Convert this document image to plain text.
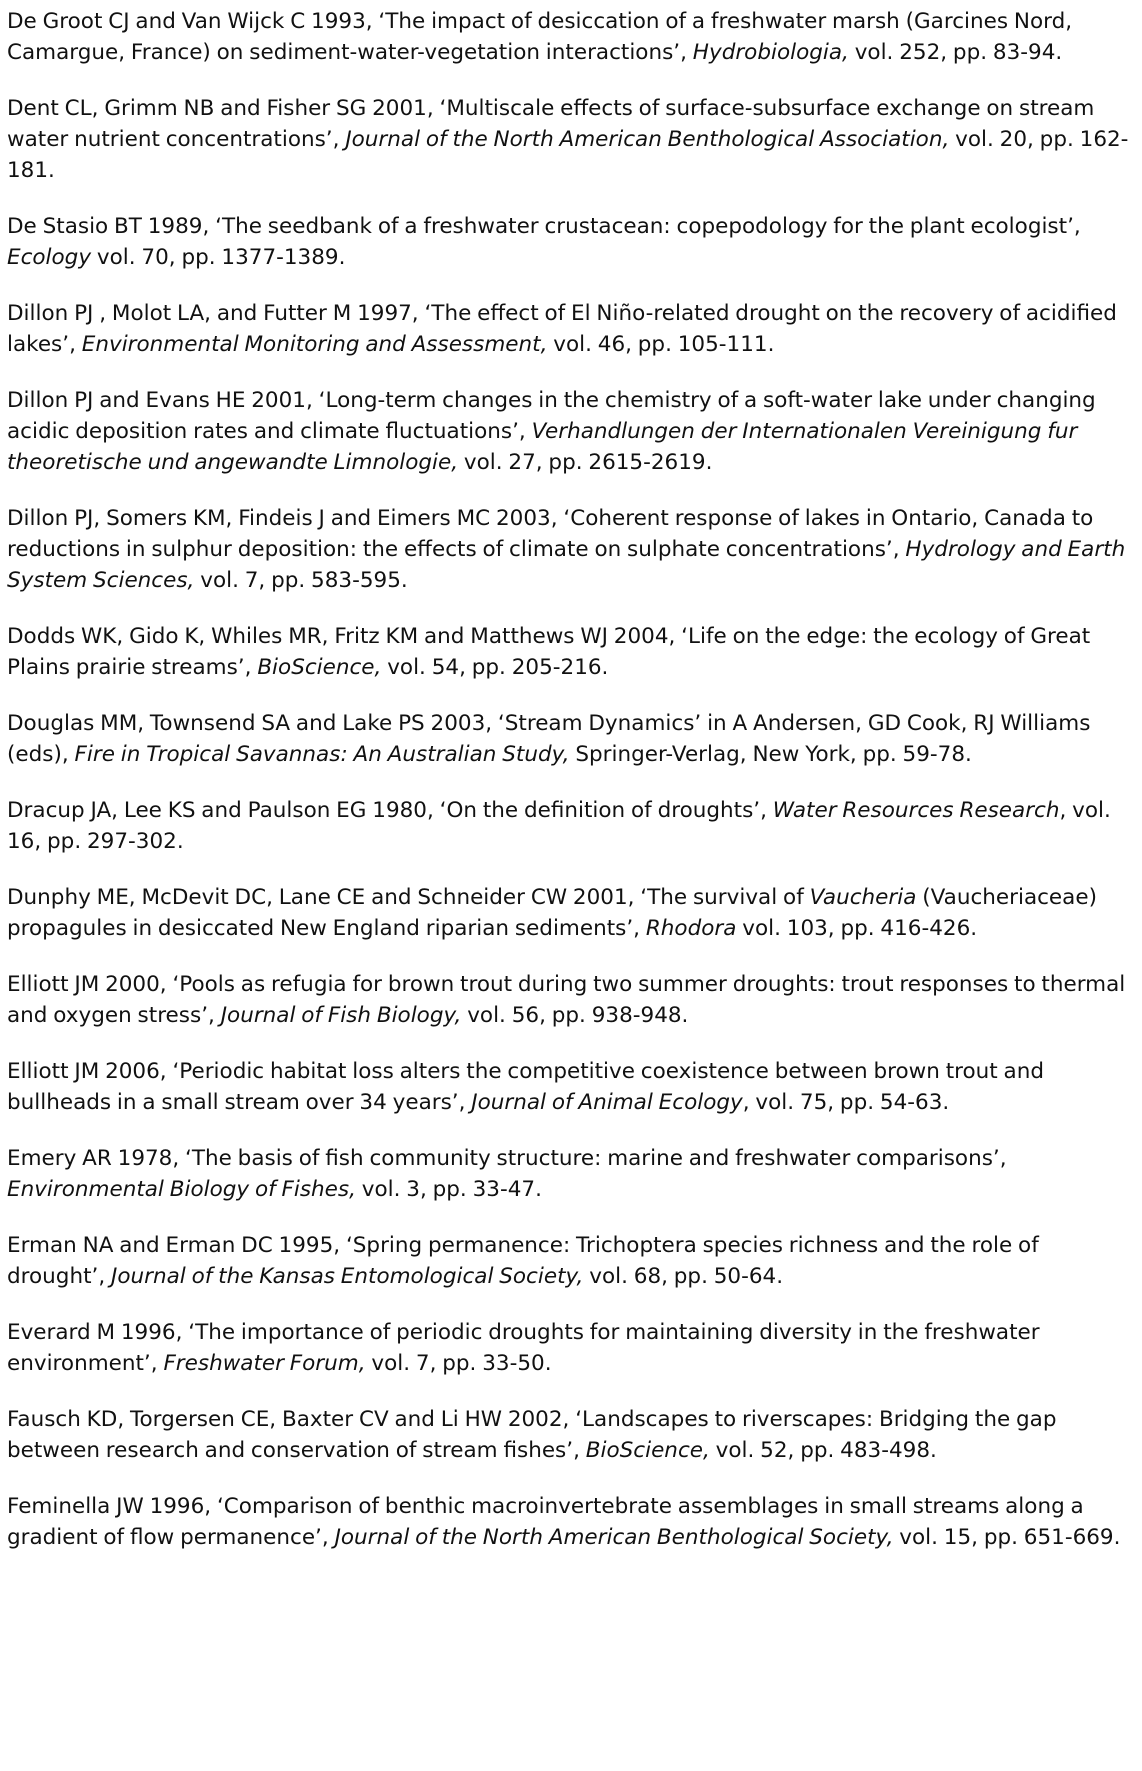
De Groot CJ and Van Wijck C 1993, ‘The impact of desiccation of a freshwater marsh (Garcines Nord, Camargue, France) on sediment-water-vegetation interactions’, Hydrobiologia, vol. 252, pp. 83-94.

Dent CL, Grimm NB and Fisher SG 2001, ‘Multiscale effects of surface-subsurface exchange on stream water nutrient concentrations’, Journal of the North American Benthological Association, vol. 20, pp. 162-181.

De Stasio BT 1989, ‘The seedbank of a freshwater crustacean: copepodology for the plant ecologist’, Ecology vol. 70, pp. 1377-1389.

Dillon PJ , Molot LA, and Futter M 1997, ‘The effect of El Niño-related drought on the recovery of acidified lakes’, Environmental Monitoring and Assessment, vol. 46, pp. 105-111.

Dillon PJ and Evans HE 2001, ‘Long-term changes in the chemistry of a soft-water lake under changing acidic deposition rates and climate fluctuations’, Verhandlungen der Internationalen Vereinigung fur theoretische und angewandte Limnologie, vol. 27, pp. 2615-2619.

Dillon PJ, Somers KM, Findeis J and Eimers MC 2003, ‘Coherent response of lakes in Ontario, Canada to reductions in sulphur deposition: the effects of climate on sulphate concentrations’, Hydrology and Earth System Sciences, vol. 7, pp. 583-595.

Dodds WK, Gido K, Whiles MR, Fritz KM and Matthews WJ 2004, ‘Life on the edge: the ecology of Great Plains prairie streams’, BioScience, vol. 54, pp. 205-216.

Douglas MM, Townsend SA and Lake PS 2003, ‘Stream Dynamics’ in A Andersen, GD Cook, RJ Williams (eds), Fire in Tropical Savannas: An Australian Study, Springer-Verlag, New York, pp. 59-78.

Dracup JA, Lee KS and Paulson EG 1980, ‘On the definition of droughts’, Water Resources Research, vol. 16, pp. 297-302.

Dunphy ME, McDevit DC, Lane CE and Schneider CW 2001, ‘The survival of Vaucheria (Vaucheriaceae) propagules in desiccated New England riparian sediments’, Rhodora vol. 103, pp. 416-426.

Elliott JM 2000, ‘Pools as refugia for brown trout during two summer droughts: trout responses to thermal and oxygen stress’, Journal of Fish Biology, vol. 56, pp. 938-948.

Elliott JM 2006, ‘Periodic habitat loss alters the competitive coexistence between brown trout and bullheads in a small stream over 34 years’, Journal of Animal Ecology, vol. 75, pp. 54-63.

Emery AR 1978, ‘The basis of fish community structure: marine and freshwater comparisons’, Environmental Biology of Fishes, vol. 3, pp. 33-47.

Erman NA and Erman DC 1995, ‘Spring permanence: Trichoptera species richness and the role of drought’, Journal of the Kansas Entomological Society, vol. 68, pp. 50-64.

Everard M 1996, ‘The importance of periodic droughts for maintaining diversity in the freshwater environment’, Freshwater Forum, vol. 7, pp. 33-50.

Fausch KD, Torgersen CE, Baxter CV and Li HW 2002, ‘Landscapes to riverscapes: Bridging the gap between research and conservation of stream fishes’, BioScience, vol. 52, pp. 483-498.

Feminella JW 1996, ‘Comparison of benthic macroinvertebrate assemblages in small streams along a gradient of flow permanence’, Journal of the North American Benthological Society, vol. 15, pp. 651-669.
